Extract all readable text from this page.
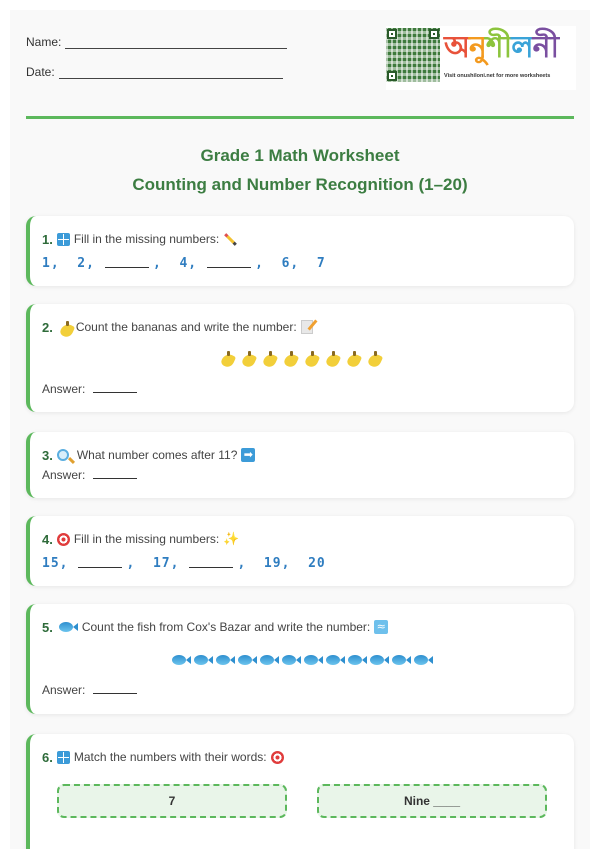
Name:
Date:
অনুশীলনী
Visit onushiloni.net for more worksheets
Grade 1 Math Worksheet
Counting and Number Recognition (1–20)
1. Fill in the missing numbers:
1,  2,	,  4,	,  6,  7
2. Count the bananas and write the number:
Answer:
3. What number comes after 11? ➡
Answer:
4. Fill in the missing numbers: ✨
15,	,  17,	,  19,  20
5. Count the fish from Cox's Bazar and write the number: ≈
Answer:
6. Match the numbers with their words:
7	Nine ____
